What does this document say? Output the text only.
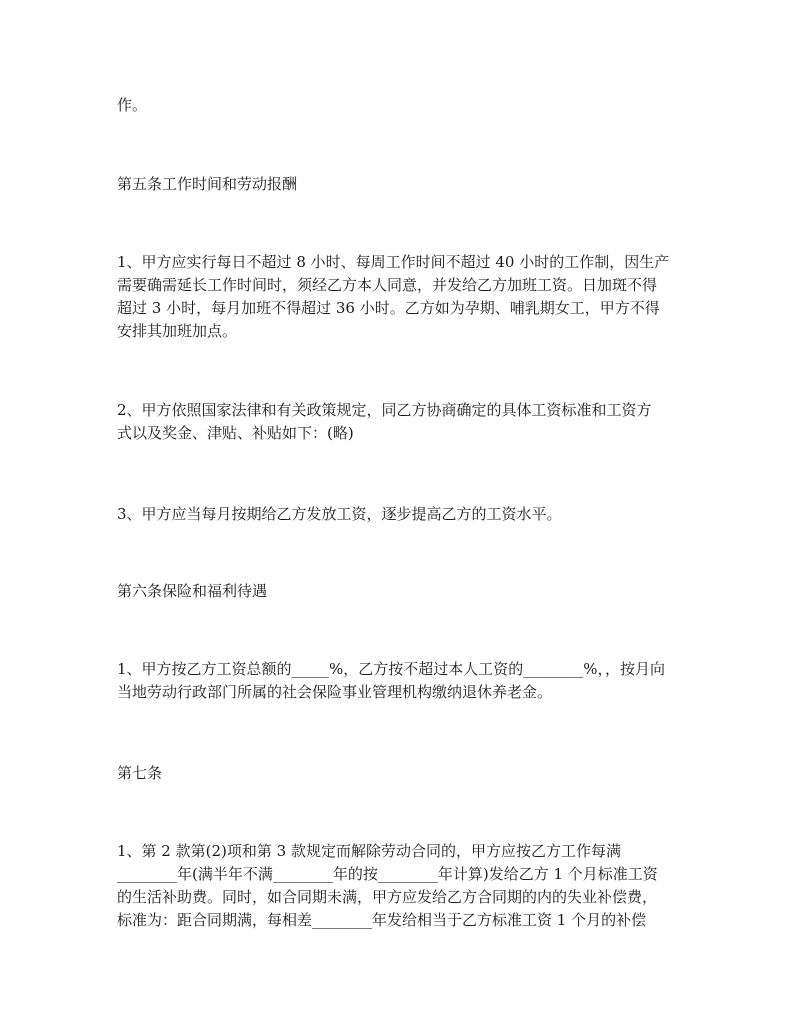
作。
第五条工作时间和劳动报酬
1、甲方应实行每日不超过 8 小时、每周工作时间不超过 40 小时的工作制，因生产
需要确需延长工作时间时，须经乙方本人同意，并发给乙方加班工资。日加斑不得
超过 3 小时，每月加班不得超过 36 小时。乙方如为孕期、哺乳期女工，甲方不得
安排其加班加点。
2、甲方依照国家法律和有关政策规定，同乙方协商确定的具体工资标准和工资方
式以及奖金、津贴、补贴如下：(略)
3、甲方应当每月按期给乙方发放工资，逐步提高乙方的工资水平。
第六条保险和福利待遇
1、甲方按乙方工资总额的_____%，乙方按不超过本人工资的________%，，按月向
当地劳动行政部门所属的社会保险事业管理机构缴纳退休养老金。
第七条
1、第 2 款第(2)项和第 3 款规定而解除劳动合同的，甲方应按乙方工作每满
________年(满半年不满________年的按________年计算)发给乙方 1 个月标准工资
的生活补助费。同时，如合同期未满，甲方应发给乙方合同期的内的失业补偿费，
标准为：距合同期满，每相差________年发给相当于乙方标准工资 1 个月的补偿
